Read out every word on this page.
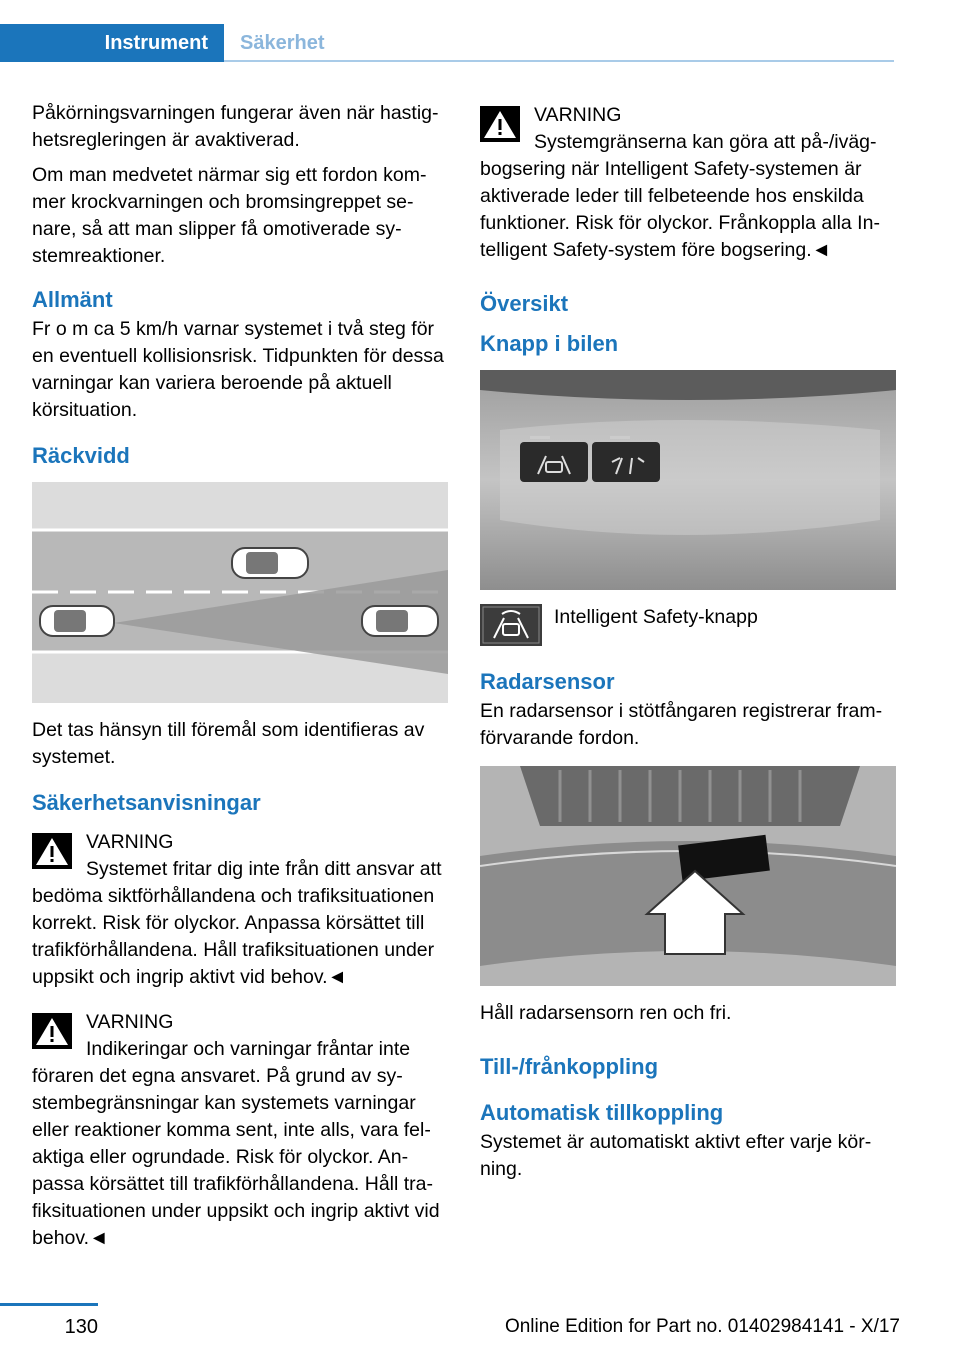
Instrument	Säkerhet

Påkörningsvarningen fungerar även när hastighetsregleringen är avaktiverad.

Om man medvetet närmar sig ett fordon kommer krockvarningen och bromsingreppet senare, så att man slipper få omotiverade systemreaktioner.

Allmänt

Fr o m ca 5 km/h varnar systemet i två steg för en eventuell kollisionsrisk. Tidpunkten för dessa varningar kan variera beroende på aktuell körsituation.

Räckvidd

Det tas hänsyn till föremål som identifieras av systemet.

Säkerhetsanvisningar
VARNING
Systemet fritar dig inte från ditt ansvar att bedöma siktförhållandena och trafiksituationen korrekt. Risk för olyckor. Anpassa körsättet till trafikförhållandena. Håll trafiksituationen under uppsikt och ingrip aktivt vid behov.◄
VARNING
Indikeringar och varningar fråntar inte föraren det egna ansvaret. På grund av systembegränsningar kan systemets varningar eller reaktioner komma sent, inte alls, vara felaktiga eller ogrundade. Risk för olyckor. Anpassa körsättet till trafikförhållandena. Håll trafiksituationen under uppsikt och ingrip aktivt vid behov.◄
VARNING
Systemgränserna kan göra att på-/ivägbogsering när Intelligent Safety-systemen är aktiverade leder till felbeteende hos enskilda funktioner. Risk för olyckor. Frånkoppla alla Intelligent Safety-system före bogsering.◄
Översikt
Knapp i bilen
Intelligent Safety-knapp
Radarsensor

En radarsensor i stötfångaren registrerar framförvarande fordon.

Håll radarsensorn ren och fri.

Till-/frånkoppling
Automatisk tillkoppling

Systemet är automatiskt aktivt efter varje körning.

130	Online Edition for Part no. 01402984141 - X/17
